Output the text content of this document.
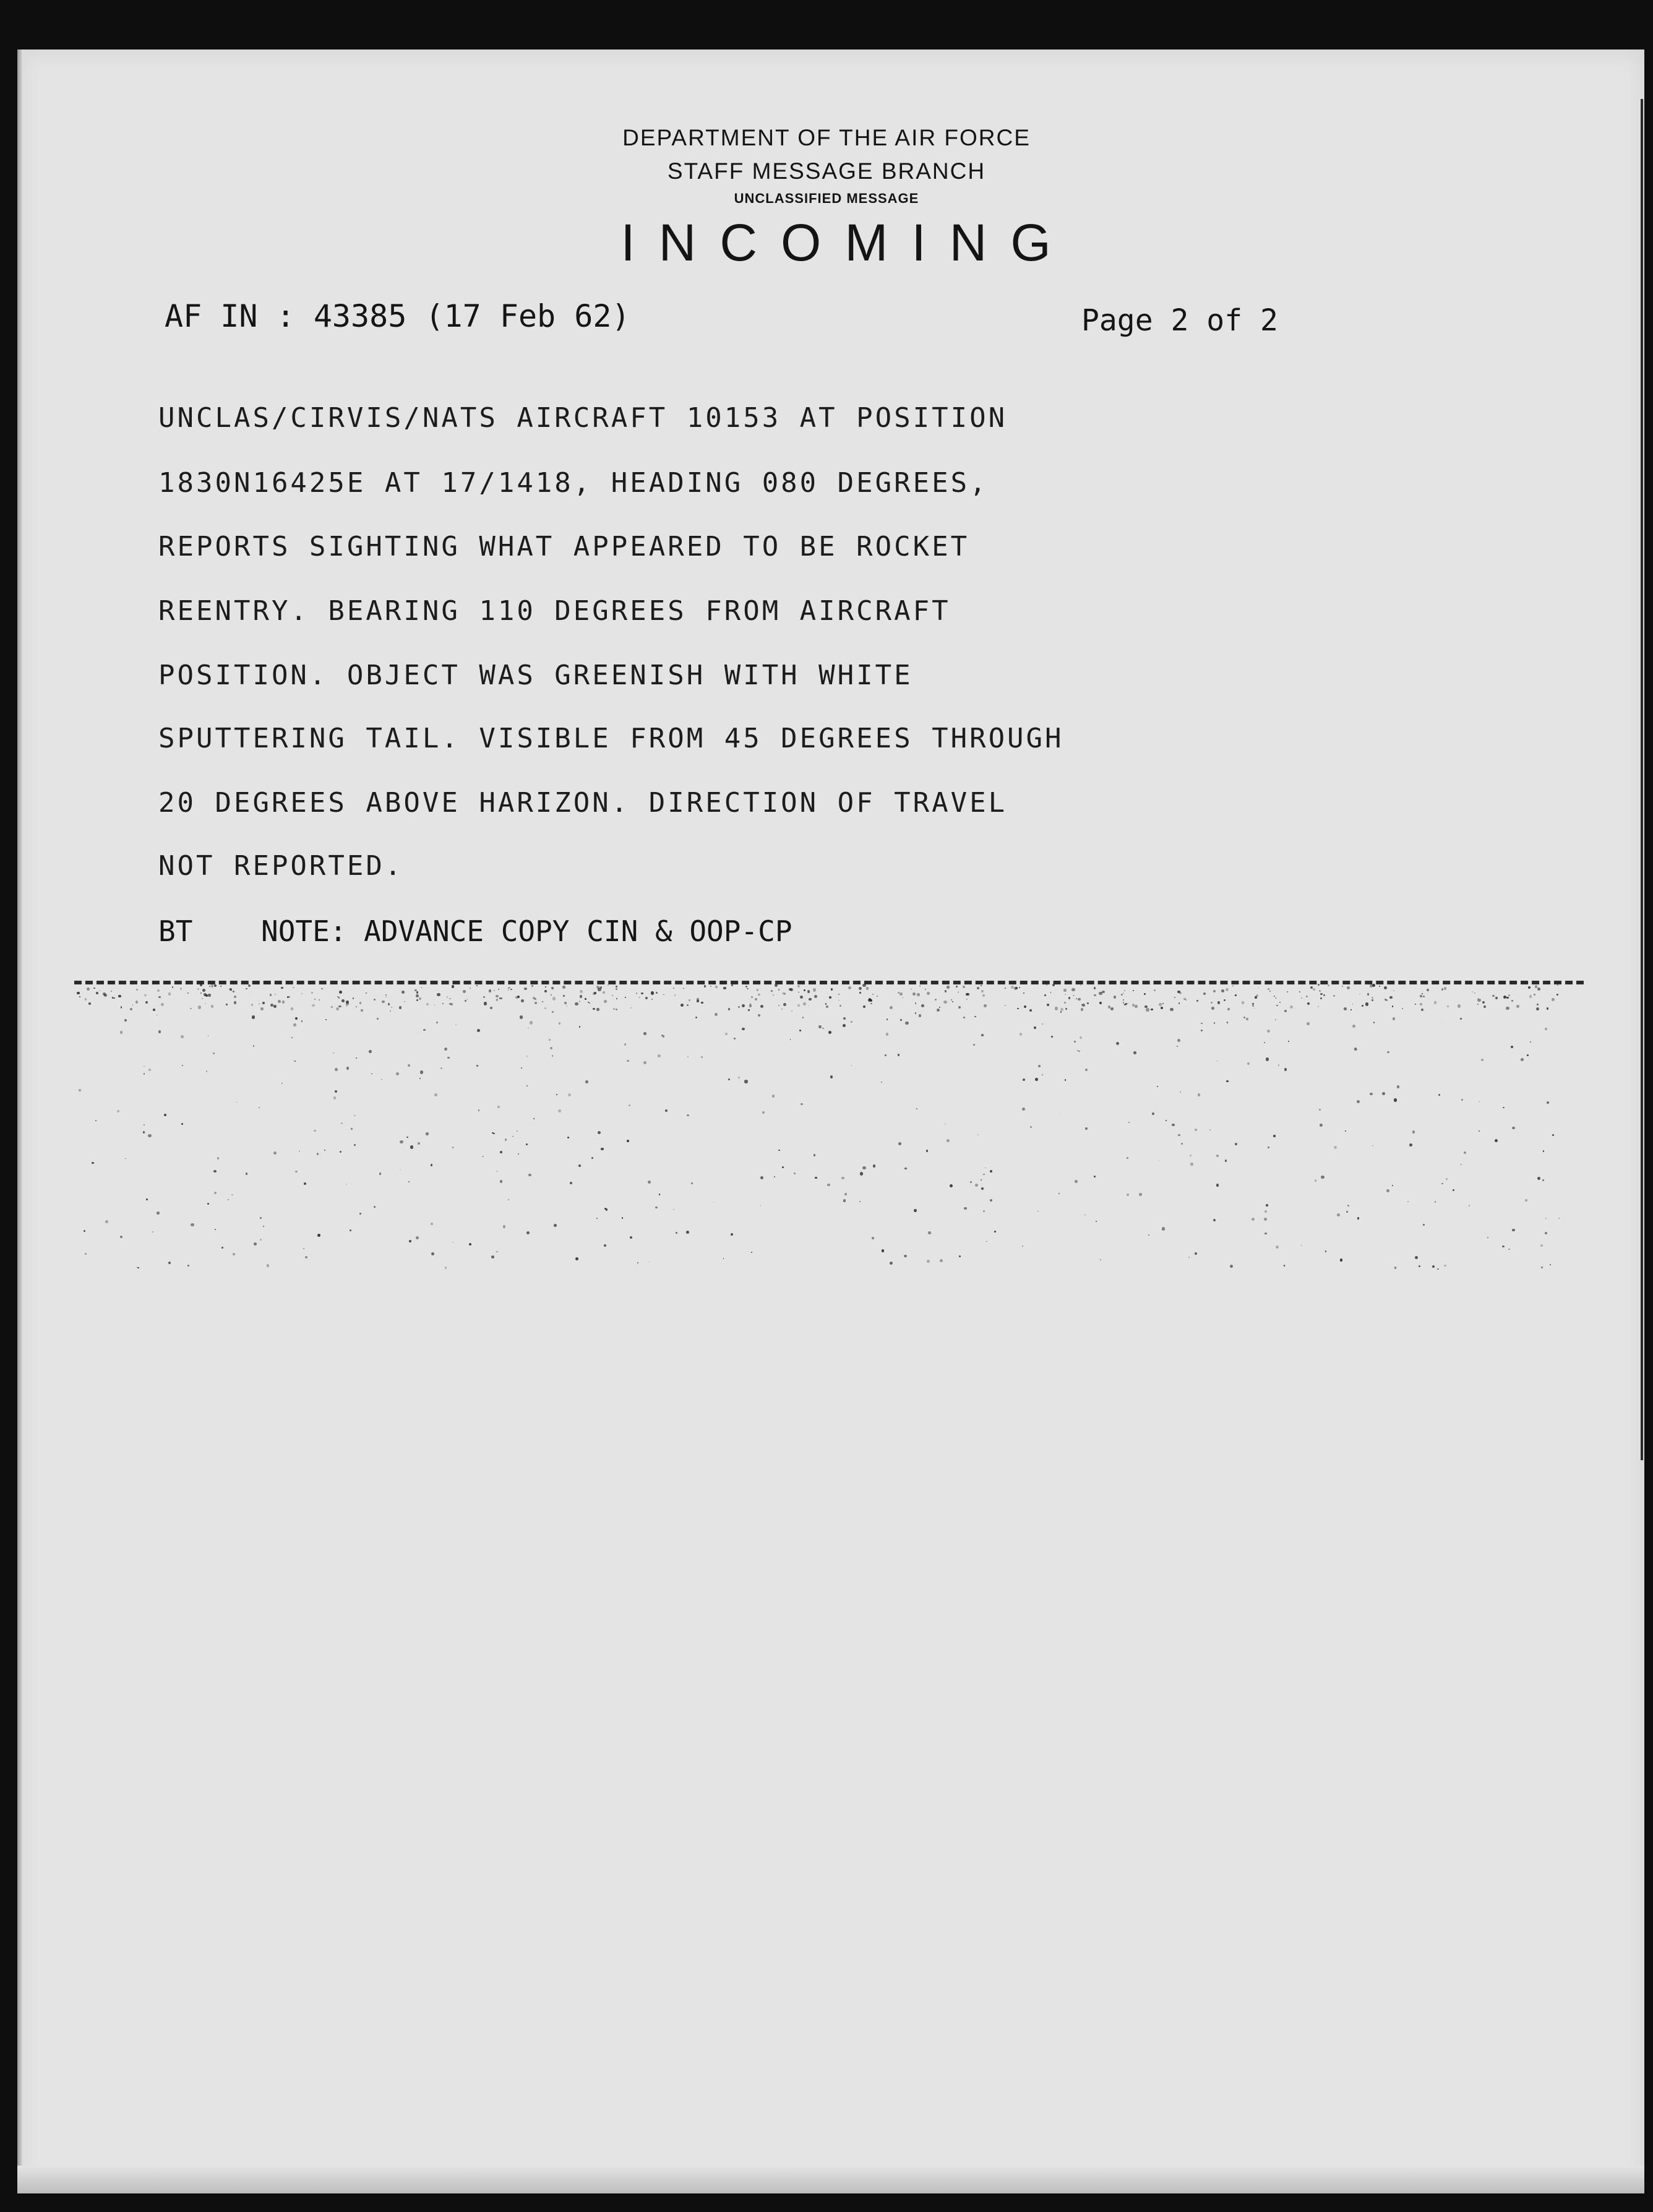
DEPARTMENT OF THE AIR FORCE
STAFF MESSAGE BRANCH
UNCLASSIFIED MESSAGE
INCOMING
AF IN : 43385 (17 Feb 62)	Page 2 of 2
UNCLAS/CIRVIS/NATS AIRCRAFT 10153 AT POSITION
1830N16425E AT 17/1418, HEADING 080 DEGREES,
REPORTS SIGHTING WHAT APPEARED TO BE ROCKET
REENTRY. BEARING 110 DEGREES FROM AIRCRAFT
POSITION. OBJECT WAS GREENISH WITH WHITE
SPUTTERING TAIL. VISIBLE FROM 45 DEGREES THROUGH
20 DEGREES ABOVE HARIZON. DIRECTION OF TRAVEL
NOT REPORTED.
BT NOTE: ADVANCE COPY CIN & OOP-CP
